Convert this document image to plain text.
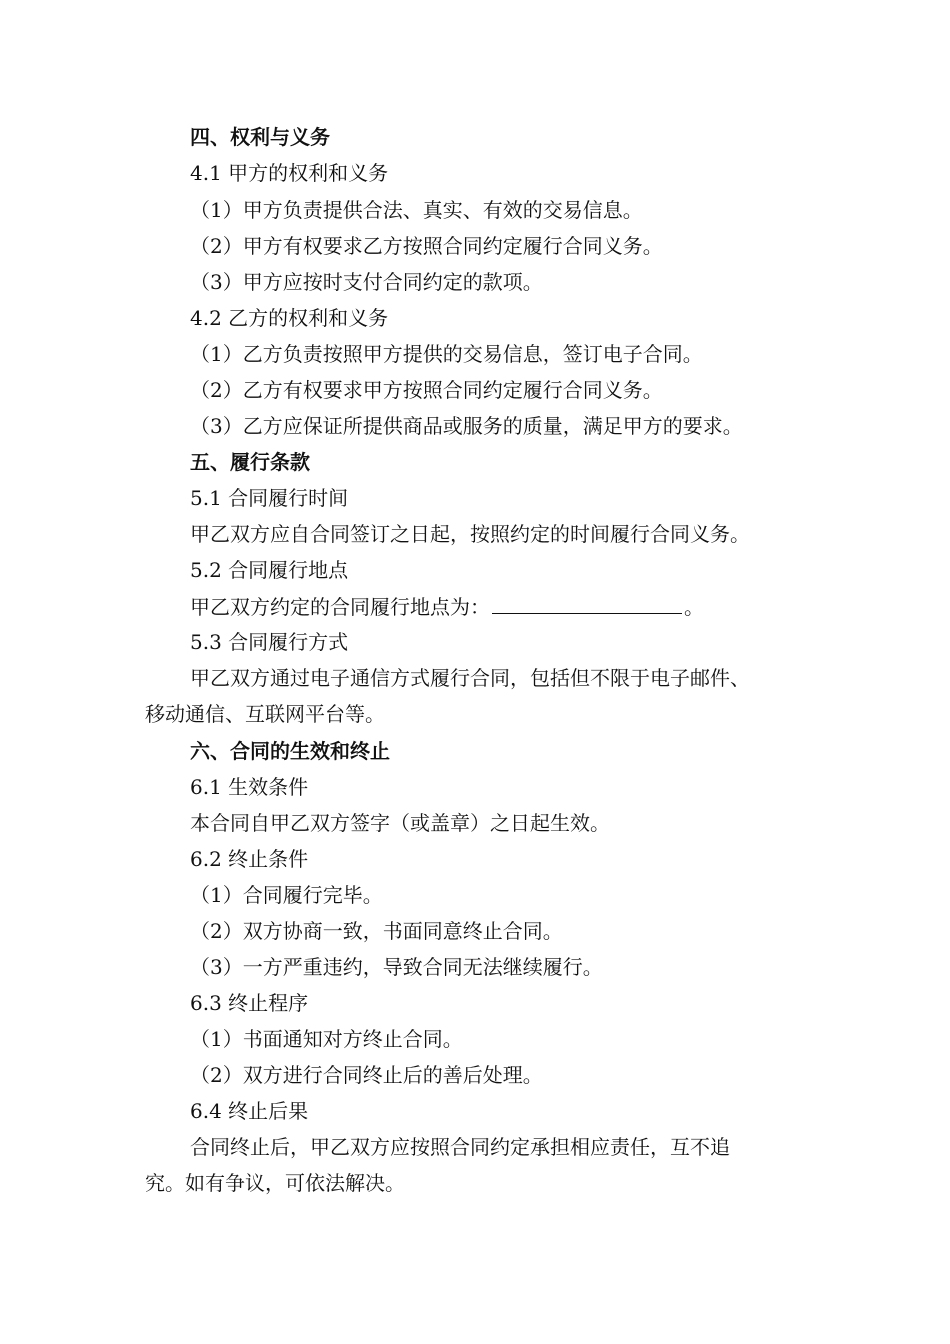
四、权利与义务
4.1 甲方的权利和义务
（1）甲方负责提供合法、真实、有效的交易信息。
（2）甲方有权要求乙方按照合同约定履行合同义务。
（3）甲方应按时支付合同约定的款项。
4.2 乙方的权利和义务
（1）乙方负责按照甲方提供的交易信息，签订电子合同。
（2）乙方有权要求甲方按照合同约定履行合同义务。
（3）乙方应保证所提供商品或服务的质量，满足甲方的要求。
五、履行条款
5.1 合同履行时间
甲乙双方应自合同签订之日起，按照约定的时间履行合同义务。
5.2 合同履行地点
甲乙双方约定的合同履行地点为：	。
5.3 合同履行方式
甲乙双方通过电子通信方式履行合同，包括但不限于电子邮件、
移动通信、互联网平台等。
六、合同的生效和终止
6.1 生效条件
本合同自甲乙双方签字（或盖章）之日起生效。
6.2 终止条件
（1）合同履行完毕。
（2）双方协商一致，书面同意终止合同。
（3）一方严重违约，导致合同无法继续履行。
6.3 终止程序
（1）书面通知对方终止合同。
（2）双方进行合同终止后的善后处理。
6.4 终止后果
合同终止后，甲乙双方应按照合同约定承担相应责任，互不追
究。如有争议，可依法解决。
